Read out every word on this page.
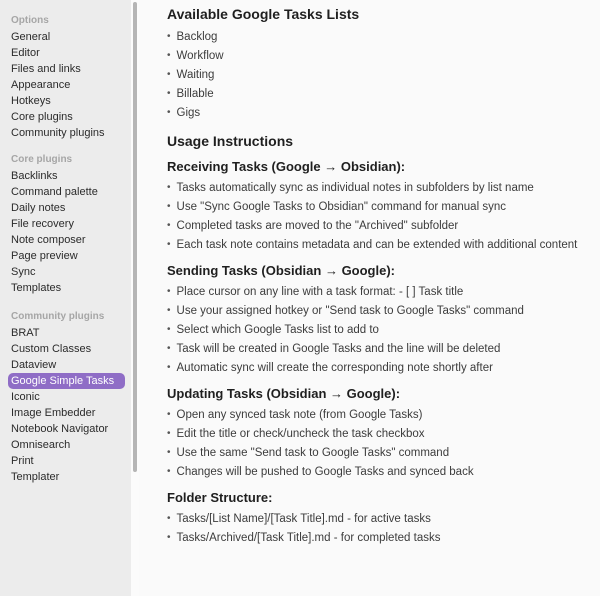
Options
General
Editor
Files and links
Appearance
Hotkeys
Core plugins
Community plugins
Core plugins
Backlinks
Command palette
Daily notes
File recovery
Note composer
Page preview
Sync
Templates
Community plugins
BRAT
Custom Classes
Dataview
Google Simple Tasks
Iconic
Image Embedder
Notebook Navigator
Omnisearch
Print
Templater
Available Google Tasks Lists
• Backlog
• Workflow
• Waiting
• Billable
• Gigs
Usage Instructions
Receiving Tasks (Google → Obsidian):
• Tasks automatically sync as individual notes in subfolders by list name
• Use "Sync Google Tasks to Obsidian" command for manual sync
• Completed tasks are moved to the "Archived" subfolder
• Each task note contains metadata and can be extended with additional content
Sending Tasks (Obsidian → Google):
• Place cursor on any line with a task format: - [ ] Task title
• Use your assigned hotkey or "Send task to Google Tasks" command
• Select which Google Tasks list to add to
• Task will be created in Google Tasks and the line will be deleted
• Automatic sync will create the corresponding note shortly after
Updating Tasks (Obsidian → Google):
• Open any synced task note (from Google Tasks)
• Edit the title or check/uncheck the task checkbox
• Use the same "Send task to Google Tasks" command
• Changes will be pushed to Google Tasks and synced back
Folder Structure:
• Tasks/[List Name]/[Task Title].md - for active tasks
• Tasks/Archived/[Task Title].md - for completed tasks
